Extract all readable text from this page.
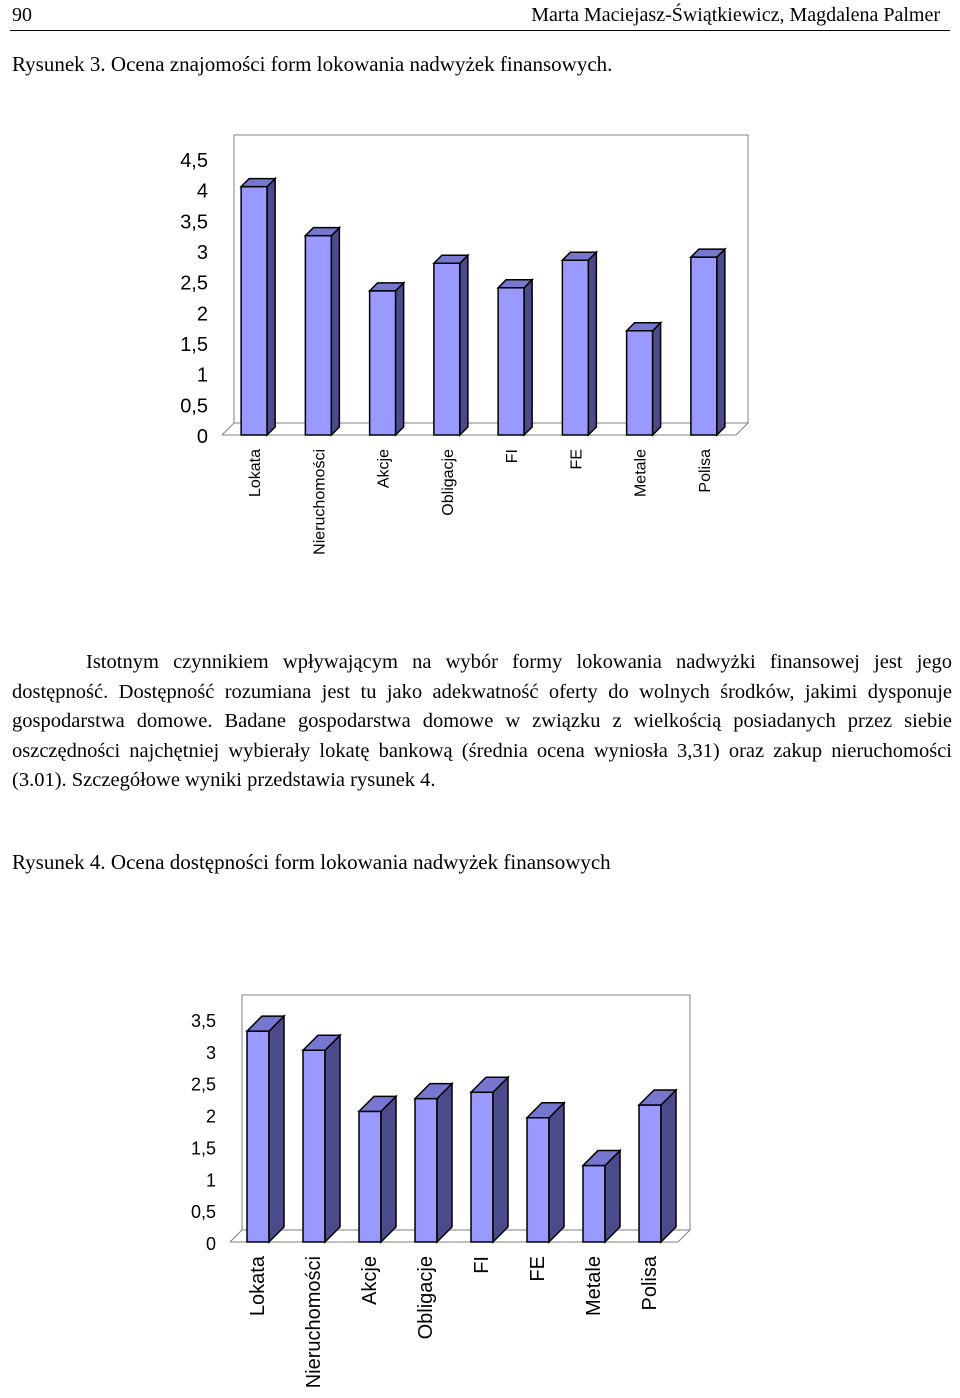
90	Marta Maciejasz-Świątkiewicz, Magdalena Palmer
Rysunek 3. Ocena znajomości form lokowania nadwyżek finansowych.
0
0,5
1
1,5
2
2,5
3
3,5
4
4,5
Lokata	Nieruchomości	Akcje	Obligacje	FI	FE	Metale	Polisa

Istotnym czynnikiem wpływającym na wybór formy lokowania nadwyżki finansowej jest jego dostępność. Dostępność rozumiana jest tu jako adekwatność oferty do wolnych środków, jakimi dysponuje gospodarstwa domowe. Badane gospodarstwa domowe w związku z wielkością posiadanych przez siebie oszczędności najchętniej wybierały lokatę bankową (średnia ocena wyniosła 3,31) oraz zakup nieruchomości (3.01). Szczegółowe wyniki przedstawia rysunek 4.

Rysunek 4. Ocena dostępności form lokowania nadwyżek finansowych
0
0,5
1
1,5
2
2,5
3
3,5
Lokata Nieruchomości Akcje Obligacje FI FE Metale Polisa
